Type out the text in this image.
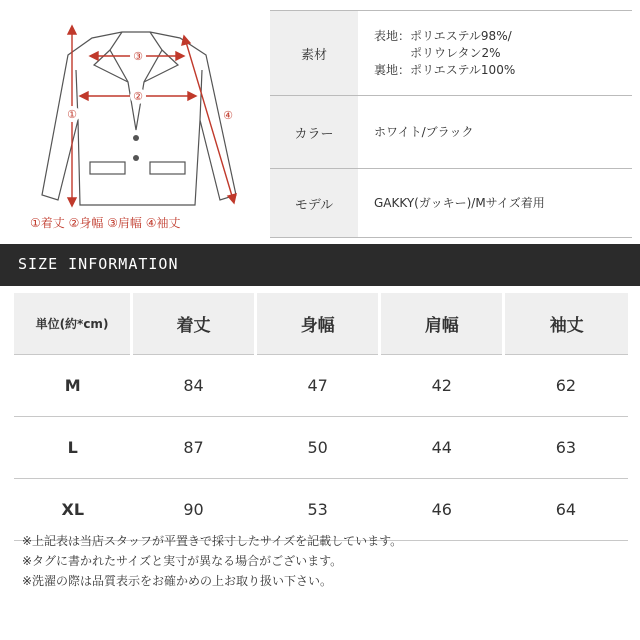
①
②
③
④
①着丈 ②身幅 ③肩幅 ④袖丈
素材
表地：ポリエステル98%/
　　　ポリウレタン2%
裏地：ポリエステル100%
カラー	ホワイト/ブラック
モデル	GAKKY(ガッキー)/Mサイズ着用
SIZE INFORMATION
単位(約*cm)	着丈	身幅	肩幅	袖丈
M	84	47	42	62
L	87	50	44	63
XL	90	53	46	64
※上記表は当店スタッフが平置きで採寸したサイズを記載しています。
※タグに書かれたサイズと実寸が異なる場合がございます。
※洗濯の際は品質表示をお確かめの上お取り扱い下さい。
